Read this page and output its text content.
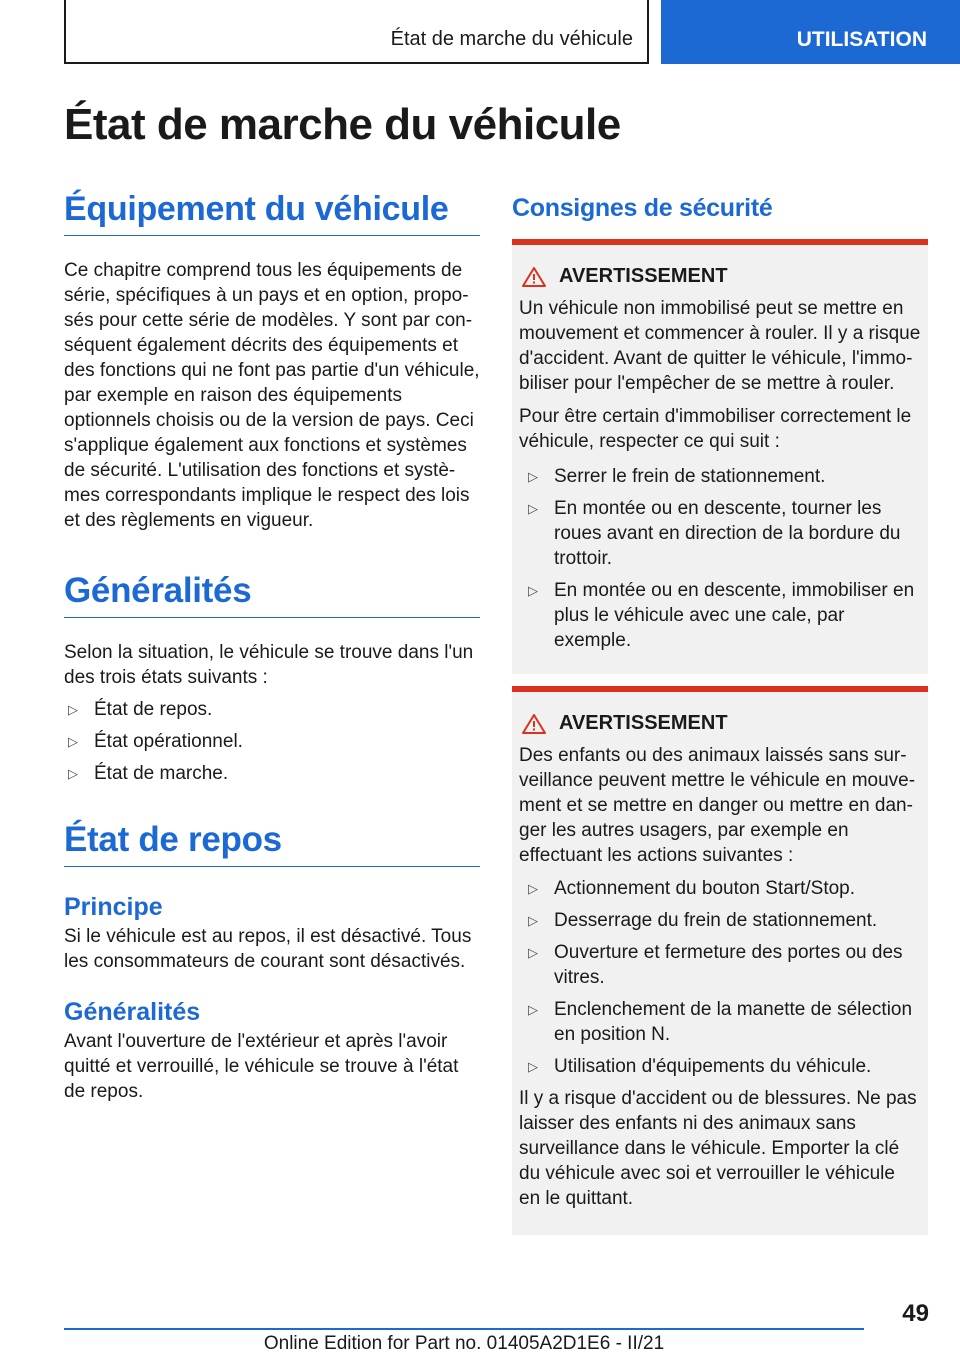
État de marche du véhicule	UTILISATION
État de marche du véhicule
Équipement du véhicule

Ce chapitre comprend tous les équipements de série, spécifiques à un pays et en option, proposés pour cette série de modèles. Y sont par conséquent également décrits des équipements et des fonctions qui ne font pas partie d'un véhicule, par exemple en raison des équipements optionnels choisis ou de la version de pays. Ceci s'applique également aux fonctions et systèmes de sécurité. L'utilisation des fonctions et systèmes correspondants implique le respect des lois et des règlements en vigueur.

Généralités

Selon la situation, le véhicule se trouve dans l'un des trois états suivants :

▷ État de repos.
▷ État opérationnel.
▷ État de marche.
État de repos
Principe

Si le véhicule est au repos, il est désactivé. Tous les consommateurs de courant sont désactivés.

Généralités

Avant l'ouverture de l'extérieur et après l'avoir quitté et verrouillé, le véhicule se trouve à l'état de repos.

Consignes de sécurité
AVERTISSEMENT

Un véhicule non immobilisé peut se mettre en mouvement et commencer à rouler. Il y a risque d'accident. Avant de quitter le véhicule, l'immobiliser pour l'empêcher de se mettre à rouler.

Pour être certain d'immobiliser correctement le véhicule, respecter ce qui suit :

▷ Serrer le frein de stationnement.
▷ En montée ou en descente, tourner les roues avant en direction de la bordure du trottoir.
▷ En montée ou en descente, immobiliser en plus le véhicule avec une cale, par exemple.
AVERTISSEMENT

Des enfants ou des animaux laissés sans surveillance peuvent mettre le véhicule en mouvement et se mettre en danger ou mettre en danger les autres usagers, par exemple en effectuant les actions suivantes :

▷ Actionnement du bouton Start/Stop.
▷ Desserrage du frein de stationnement.
▷ Ouverture et fermeture des portes ou des vitres.
▷ Enclenchement de la manette de sélection en position N.
▷ Utilisation d'équipements du véhicule.

Il y a risque d'accident ou de blessures. Ne pas laisser des enfants ni des animaux sans surveillance dans le véhicule. Emporter la clé du véhicule avec soi et verrouiller le véhicule en le quittant.

49
Online Edition for Part no. 01405A2D1E6 - II/21
